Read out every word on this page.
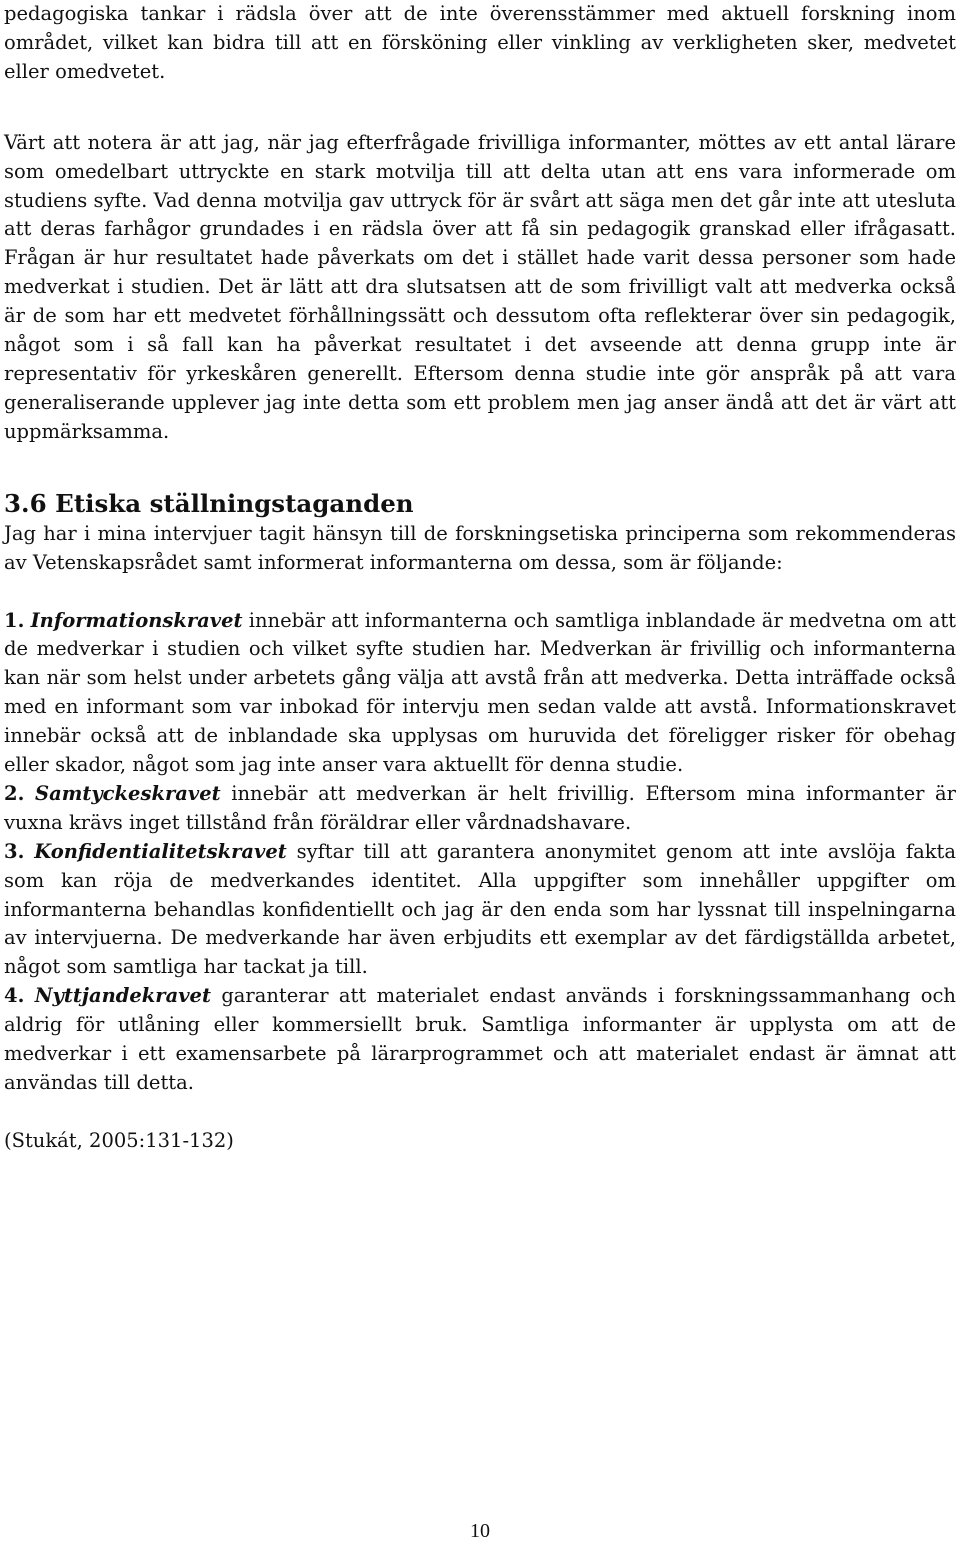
pedagogiska tankar i rädsla över att de inte överensstämmer med aktuell forskning inom området, vilket kan bidra till att en försköning eller vinkling av verkligheten sker, medvetet eller omedvetet.

Värt att notera är att jag, när jag efterfrågade frivilliga informanter, möttes av ett antal lärare som omedelbart uttryckte en stark motvilja till att delta utan att ens vara informerade om studiens syfte. Vad denna motvilja gav uttryck för är svårt att säga men det går inte att utesluta att deras farhågor grundades i en rädsla över att få sin pedagogik granskad eller ifrågasatt. Frågan är hur resultatet hade påverkats om det i stället hade varit dessa personer som hade medverkat i studien. Det är lätt att dra slutsatsen att de som frivilligt valt att medverka också är de som har ett medvetet förhållningssätt och dessutom ofta reflekterar över sin pedagogik, något som i så fall kan ha påverkat resultatet i det avseende att denna grupp inte är representativ för yrkeskåren generellt. Eftersom denna studie inte gör anspråk på att vara generaliserande upplever jag inte detta som ett problem men jag anser ändå att det är värt att uppmärksamma.

3.6 Etiska ställningstaganden

Jag har i mina intervjuer tagit hänsyn till de forskningsetiska principerna som rekommenderas av Vetenskapsrådet samt informerat informanterna om dessa, som är följande:

1. Informationskravet innebär att informanterna och samtliga inblandade är medvetna om att de medverkar i studien och vilket syfte studien har. Medverkan är frivillig och informanterna kan när som helst under arbetets gång välja att avstå från att medverka. Detta inträffade också med en informant som var inbokad för intervju men sedan valde att avstå. Informationskravet innebär också att de inblandade ska upplysas om huruvida det föreligger risker för obehag eller skador, något som jag inte anser vara aktuellt för denna studie.

2. Samtyckeskravet innebär att medverkan är helt frivillig. Eftersom mina informanter är vuxna krävs inget tillstånd från föräldrar eller vårdnadshavare.

3. Konfidentialitetskravet syftar till att garantera anonymitet genom att inte avslöja fakta som kan röja de medverkandes identitet. Alla uppgifter som innehåller uppgifter om informanterna behandlas konfidentiellt och jag är den enda som har lyssnat till inspelningarna av intervjuerna. De medverkande har även erbjudits ett exemplar av det färdigställda arbetet, något som samtliga har tackat ja till.

4. Nyttjandekravet garanterar att materialet endast används i forskningssammanhang och aldrig för utlåning eller kommersiellt bruk. Samtliga informanter är upplysta om att de medverkar i ett examensarbete på lärarprogrammet och att materialet endast är ämnat att användas till detta.

(Stukát, 2005:131-132)

10
